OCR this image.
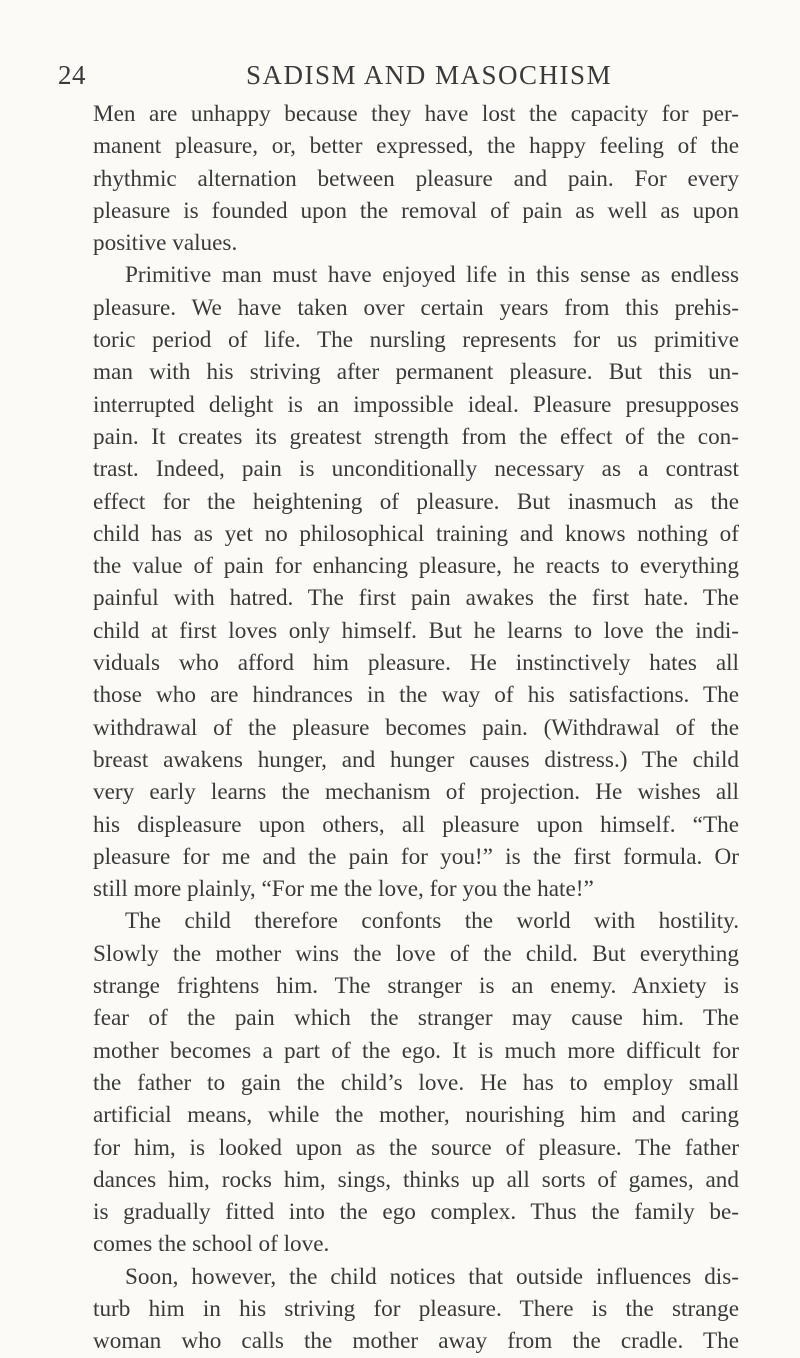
24	SADISM AND MASOCHISM
Men are unhappy because they have lost the capacity for per-
manent pleasure, or, better expressed, the happy feeling of the
rhythmic alternation between pleasure and pain. For every
pleasure is founded upon the removal of pain as well as upon
positive values.
Primitive man must have enjoyed life in this sense as endless
pleasure. We have taken over certain years from this prehis-
toric period of life. The nursling represents for us primitive
man with his striving after permanent pleasure. But this un-
interrupted delight is an impossible ideal. Pleasure presupposes
pain. It creates its greatest strength from the effect of the con-
trast. Indeed, pain is unconditionally necessary as a contrast
effect for the heightening of pleasure. But inasmuch as the
child has as yet no philosophical training and knows nothing of
the value of pain for enhancing pleasure, he reacts to everything
painful with hatred. The first pain awakes the first hate. The
child at first loves only himself. But he learns to love the indi-
viduals who afford him pleasure. He instinctively hates all
those who are hindrances in the way of his satisfactions. The
withdrawal of the pleasure becomes pain. (Withdrawal of the
breast awakens hunger, and hunger causes distress.) The child
very early learns the mechanism of projection. He wishes all
his displeasure upon others, all pleasure upon himself. “The
pleasure for me and the pain for you!” is the first formula. Or
still more plainly, “For me the love, for you the hate!”
The child therefore confonts the world with hostility.
Slowly the mother wins the love of the child. But everything
strange frightens him. The stranger is an enemy. Anxiety is
fear of the pain which the stranger may cause him. The
mother becomes a part of the ego. It is much more difficult for
the father to gain the child’s love. He has to employ small
artificial means, while the mother, nourishing him and caring
for him, is looked upon as the source of pleasure. The father
dances him, rocks him, sings, thinks up all sorts of games, and
is gradually fitted into the ego complex. Thus the family be-
comes the school of love.
Soon, however, the child notices that outside influences dis-
turb him in his striving for pleasure. There is the strange
woman who calls the mother away from the cradle. The
